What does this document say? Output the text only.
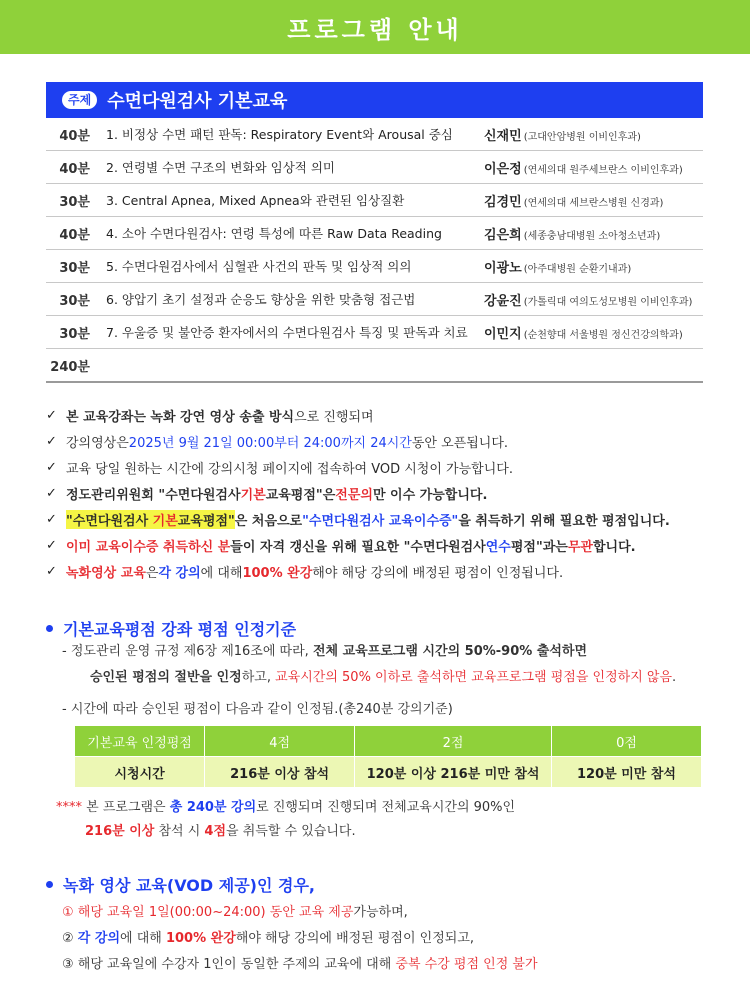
프로그램 안내
주제 수면다원검사 기본교육
40분 1. 비정상 수면 패턴 판독: Respiratory Event와 Arousal 중심	신재민 (고대안암병원 이비인후과)
40분 2. 연령별 수면 구조의 변화와 임상적 의미	이은정 (연세의대 원주세브란스 이비인후과)
30분 3. Central Apnea, Mixed Apnea와 관련된 임상질환	김경민 (연세의대 세브란스병원 신경과)
40분 4. 소아 수면다원검사: 연령 특성에 따른 Raw Data Reading	김은희 (세종충남대병원 소아청소년과)
30분 5. 수면다원검사에서 심혈관 사건의 판독 및 임상적 의의	이광노 (아주대병원 순환기내과)
30분 6. 양압기 초기 설정과 순응도 향상을 위한 맞춤형 접근법	강윤진 (가톨릭대 여의도성모병원 이비인후과)
30분 7. 우울증 및 불안증 환자에서의 수면다원검사 특징 및 판독과 치료	이민지 (순천향대 서울병원 정신건강의학과)
240분
✓ 본 교육강좌는 녹화 강연 영상 송출 방식 으로 진행되며
✓ 강의영상은 2025년 9월 21일 00:00부터 24:00까지 24시간 동안 오픈됩니다.
✓ 교육 당일 원하는 시간에 강의시청 페이지에 접속하여 VOD 시청이 가능합니다.
✓ 정도관리위원회 "수면다원검사 기본 교육평점"은 전문의 만 이수 가능합니다.
✓ "수면다원검사 기본교육평점" 은 처음으로 "수면다원검사 교육이수증" 을 취득하기 위해 필요한 평점입니다.
✓ 이미 교육이수증 취득하신 분 들이 자격 갱신을 위해 필요한 "수면다원검사 연수 평점"과는 무관 합니다.
✓ 녹화영상 교육 은 각 강의 에 대해 100% 완강 해야 해당 강의에 배정된 평점이 인정됩니다.
기본교육평점 강좌 평점 인정기준
- 정도관리 운영 규정 제6장 제16조에 따라, 전체 교육프로그램 시간의 50%-90% 출석하면
승인된 평점의 절반을 인정하고, 교육시간의 50% 이하로 출석하면 교육프로그램 평점을 인정하지 않음.
- 시간에 따라 승인된 평점이 다음과 같이 인정됨.(총240분 강의기준)
기본교육 인정평점	4점	2점	0점
시청시간	216분 이상 참석	120분 이상 216분 미만 참석	120분 미만 참석
**** 본 프로그램은 총 240분 강의로 진행되며 진행되며 전체교육시간의 90%인
216분 이상 참석 시 4점을 취득할 수 있습니다.
녹화 영상 교육(VOD 제공)인 경우,
① 해당 교육일 1일(00:00~24:00) 동안 교육 제공가능하며,
② 각 강의에 대해 100% 완강해야 해당 강의에 배정된 평점이 인정되고,
③ 해당 교육일에 수강자 1인이 동일한 주제의 교육에 대해 중복 수강 평점 인정 불가
